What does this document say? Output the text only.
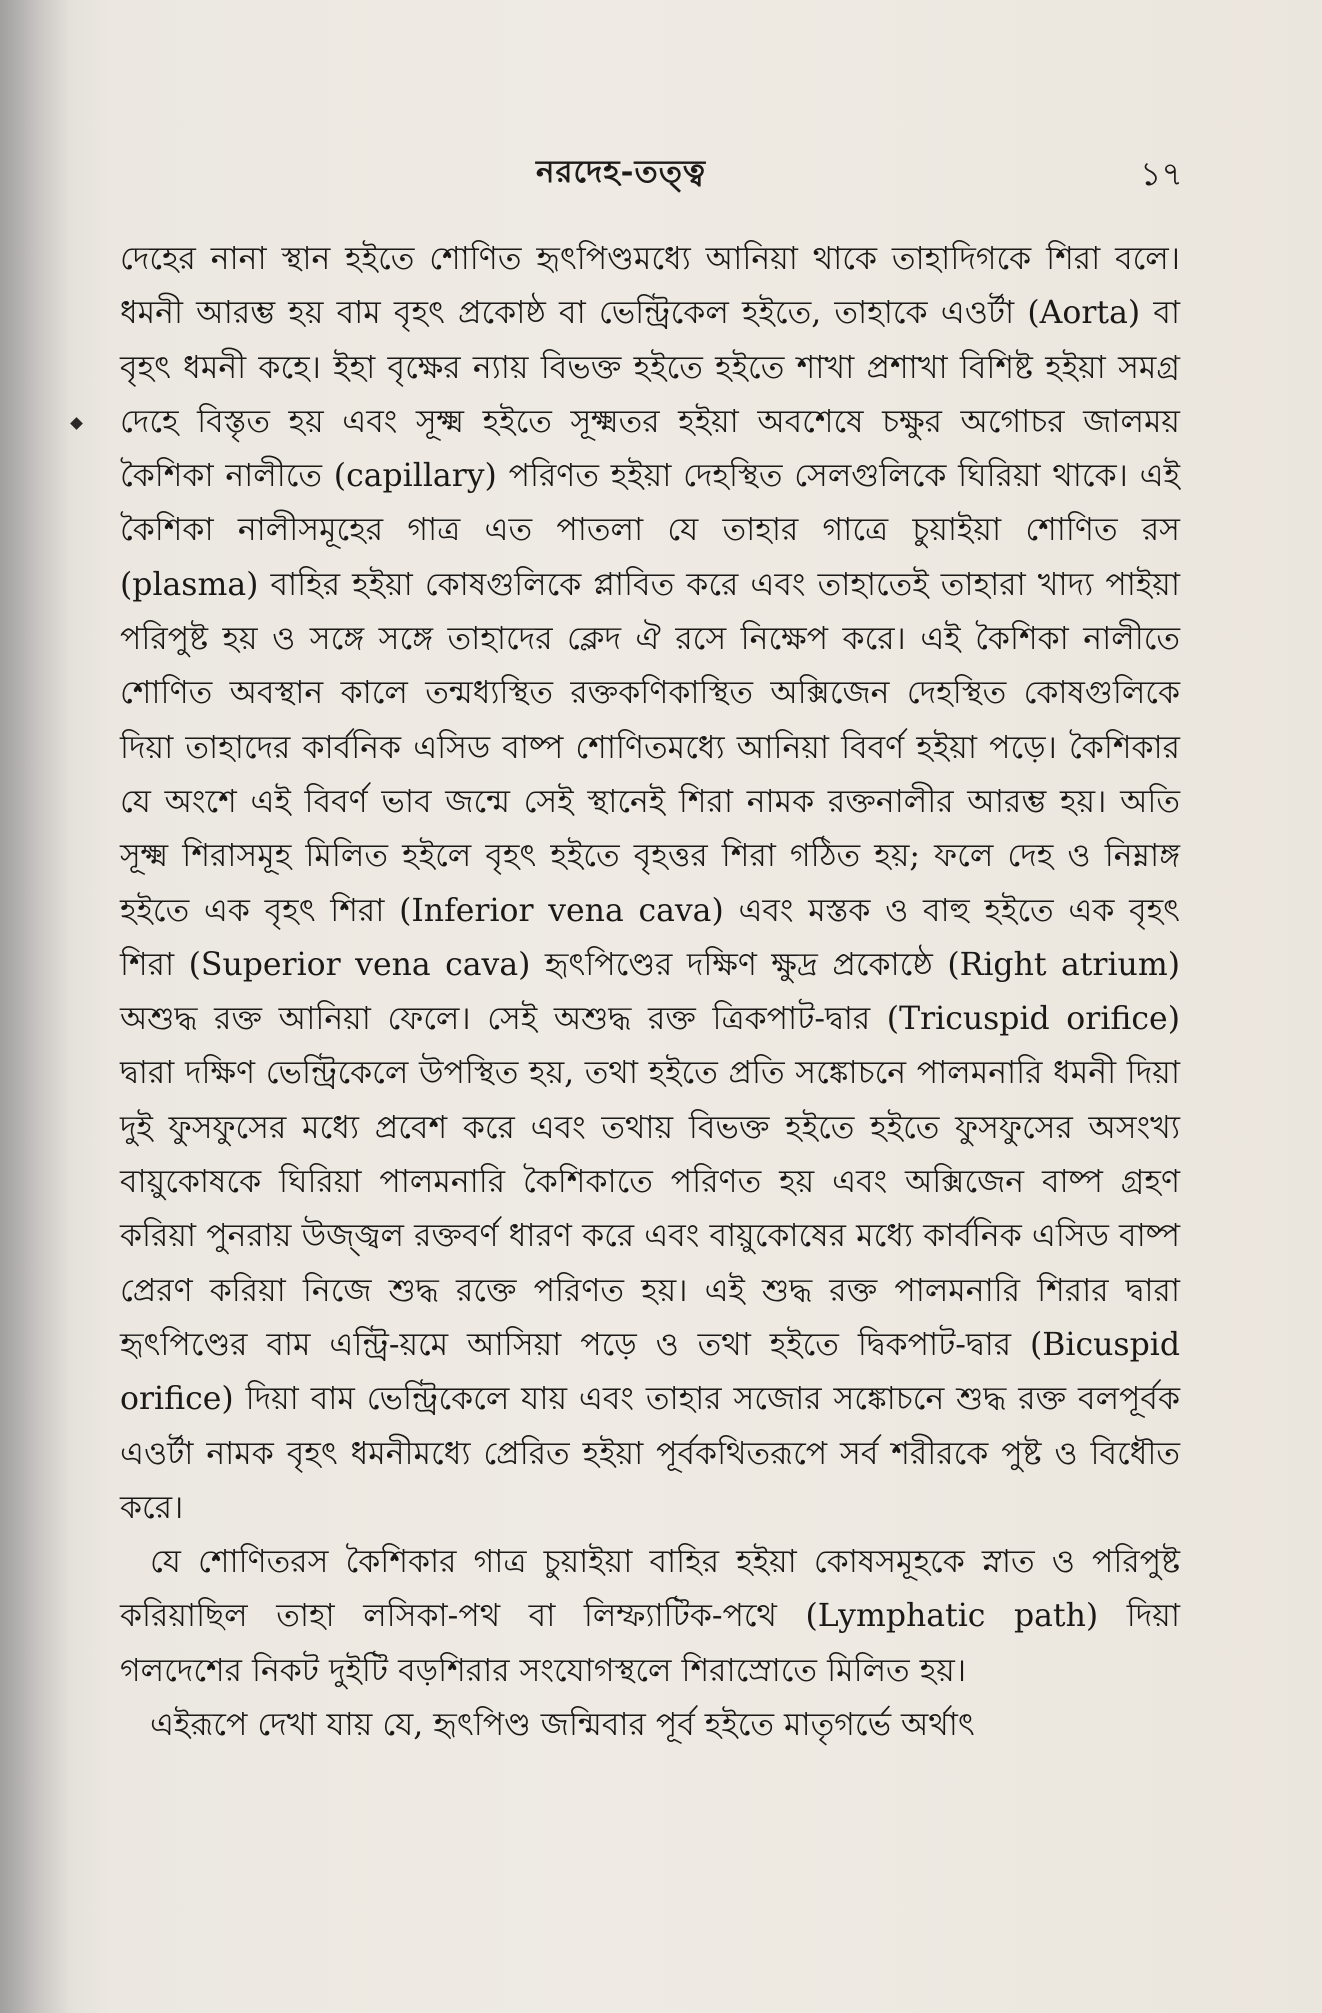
নরদেহ-তত্ত্ব	১৭

দেহের নানা স্থান হইতে শোণিত হৃৎপিণ্ডমধ্যে আনিয়া থাকে তাহাদিগকে শিরা বলে। ধমনী আরম্ভ হয় বাম বৃহৎ প্রকোষ্ঠ বা ভেন্ট্রিকেল হইতে, তাহাকে এওর্টা (Aorta) বা বৃহৎ ধমনী কহে। ইহা বৃক্ষের ন্যায় বিভক্ত হইতে হইতে শাখা প্রশাখা বিশিষ্ট হইয়া সমগ্র দেহে বিস্তৃত হয় এবং সূক্ষ্ম হইতে সূক্ষ্মতর হইয়া অবশেষে চক্ষুর অগোচর জালময় কৈশিকা নালীতে (capillary) পরিণত হইয়া দেহস্থিত সেলগুলিকে ঘিরিয়া থাকে। এই কৈশিকা নালীসমূহের গাত্র এত পাতলা যে তাহার গাত্রে চুয়াইয়া শোণিত রস (plasma) বাহির হইয়া কোষগুলিকে প্লাবিত করে এবং তাহাতেই তাহারা খাদ্য পাইয়া পরিপুষ্ট হয় ও সঙ্গে সঙ্গে তাহাদের ক্লেদ ঐ রসে নিক্ষেপ করে। এই কৈশিকা নালীতে শোণিত অবস্থান কালে তন্মধ্যস্থিত রক্তকণিকাস্থিত অক্সিজেন দেহস্থিত কোষগুলিকে দিয়া তাহাদের কার্বনিক এসিড বাষ্প শোণিতমধ্যে আনিয়া বিবর্ণ হইয়া পড়ে। কৈশিকার যে অংশে এই বিবর্ণ ভাব জন্মে সেই স্থানেই শিরা নামক রক্তনালীর আরম্ভ হয়। অতি সূক্ষ্ম শিরাসমূহ মিলিত হইলে বৃহৎ হইতে বৃহত্তর শিরা গঠিত হয়; ফলে দেহ ও নিম্নাঙ্গ হইতে এক বৃহৎ শিরা (Inferior vena cava) এবং মস্তক ও বাহু হইতে এক বৃহৎ শিরা (Superior vena cava) হৃৎপিণ্ডের দক্ষিণ ক্ষুদ্র প্রকোষ্ঠে (Right atrium) অশুদ্ধ রক্ত আনিয়া ফেলে। সেই অশুদ্ধ রক্ত ত্রিকপাট-দ্বার (Tricuspid orifice) দ্বারা দক্ষিণ ভেন্ট্রিকেলে উপস্থিত হয়, তথা হইতে প্রতি সঙ্কোচনে পালমনারি ধমনী দিয়া দুই ফুসফুসের মধ্যে প্রবেশ করে এবং তথায় বিভক্ত হইতে হইতে ফুসফুসের অসংখ্য বায়ুকোষকে ঘিরিয়া পালমনারি কৈশিকাতে পরিণত হয় এবং অক্সিজেন বাষ্প গ্রহণ করিয়া পুনরায় উজ্জ্বল রক্তবর্ণ ধারণ করে এবং বায়ুকোষের মধ্যে কার্বনিক এসিড বাষ্প প্রেরণ করিয়া নিজে শুদ্ধ রক্তে পরিণত হয়। এই শুদ্ধ রক্ত পালমনারি শিরার দ্বারা হৃৎপিণ্ডের বাম এন্ট্রি-য়মে আসিয়া পড়ে ও তথা হইতে দ্বিকপাট-দ্বার (Bicuspid orifice) দিয়া বাম ভেন্ট্রিকেলে যায় এবং তাহার সজোর সঙ্কোচনে শুদ্ধ রক্ত বলপূর্বক এওর্টা নামক বৃহৎ ধমনীমধ্যে প্রেরিত হইয়া পূর্বকথিতরূপে সর্ব শরীরকে পুষ্ট ও বিধৌত করে।

যে শোণিতরস কৈশিকার গাত্র চুয়াইয়া বাহির হইয়া কোষসমূহকে স্নাত ও পরিপুষ্ট করিয়াছিল তাহা লসিকা-পথ বা লিম্ফ্যাটিক-পথে (Lymphatic path) দিয়া গলদেশের নিকট দুইটি বড়শিরার সংযোগস্থলে শিরাস্রোতে মিলিত হয়।

এইরূপে দেখা যায় যে, হৃৎপিণ্ড জন্মিবার পূর্ব হইতে মাতৃগর্ভে অর্থাৎ
